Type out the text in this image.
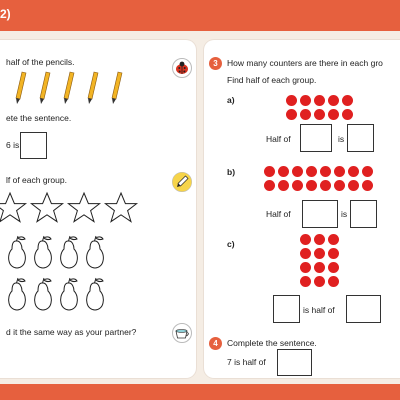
2)
half of the pencils.
ete the sentence.
6 is
lf of each group.
d it the same way as your partner?
3	How many counters are there in each gro
Find half of each group.
a)
Half of	is
b)
Half of	is
c)
is half of
4	Complete the sentence.
7 is half of
